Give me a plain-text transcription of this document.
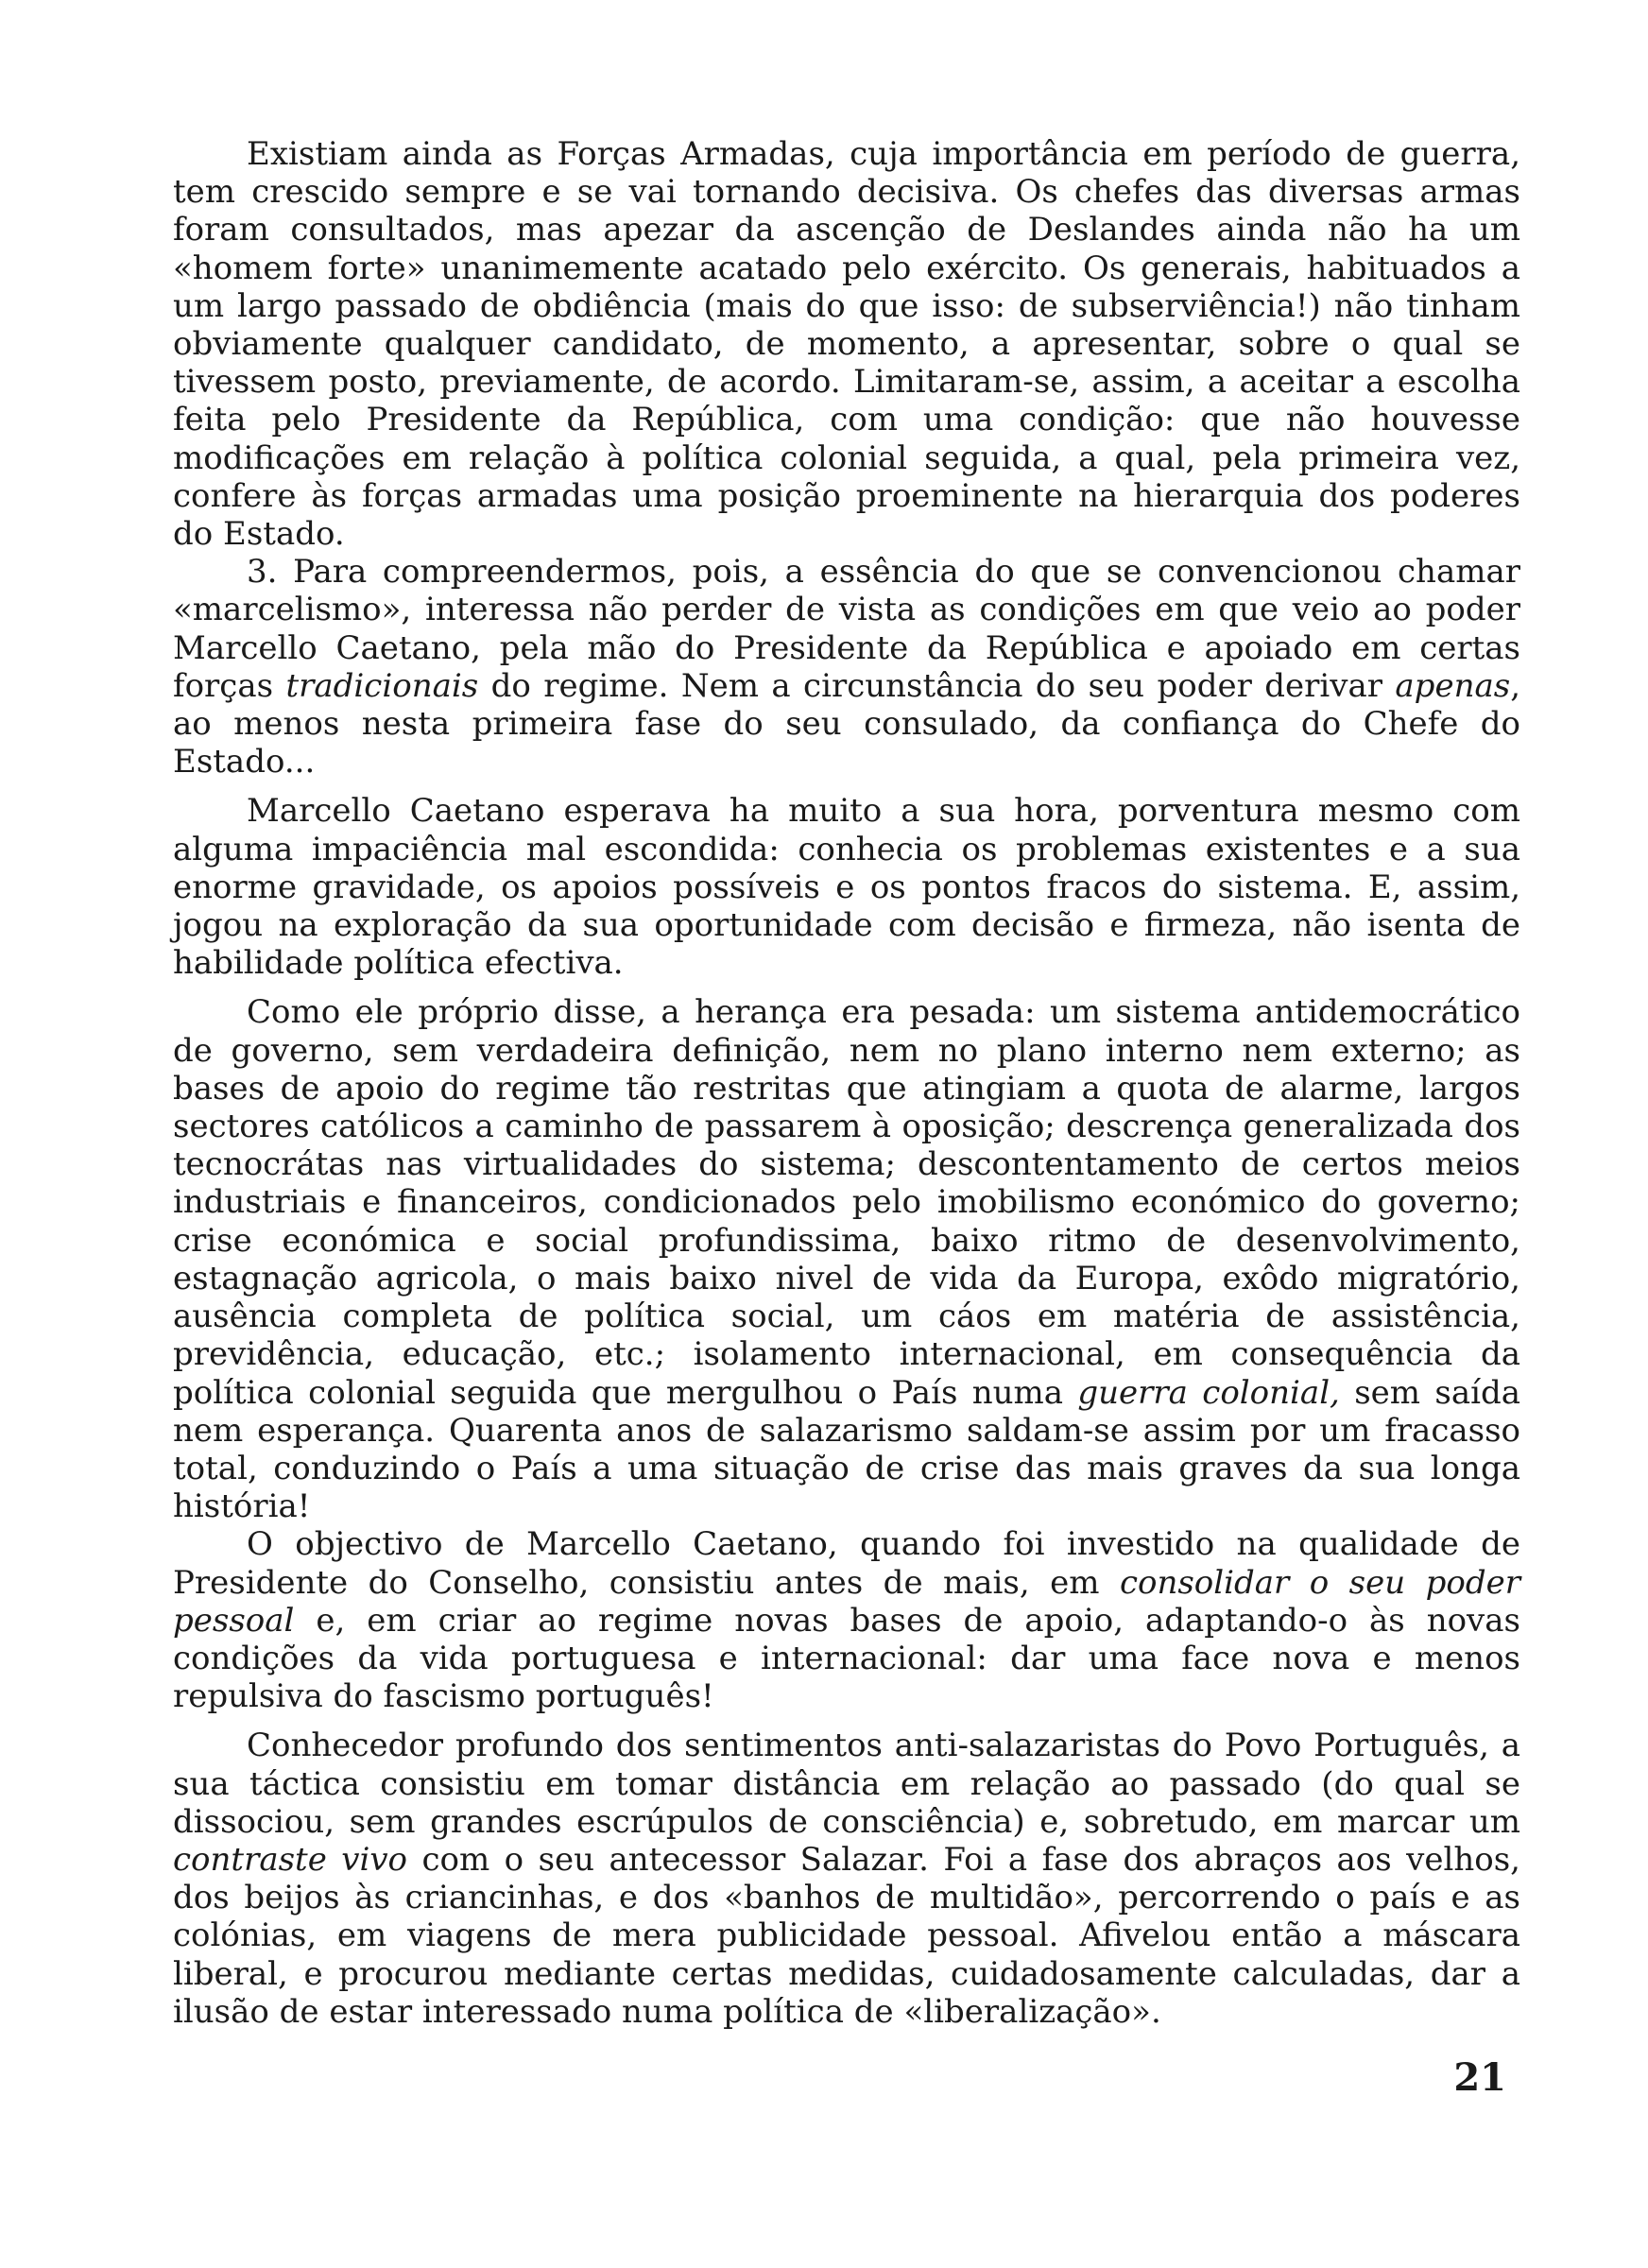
Existiam ainda as Forças Armadas, cuja importância em período de guerra, tem crescido sempre e se vai tornando decisiva. Os chefes das diversas armas foram consultados, mas apezar da ascenção de Deslandes ainda não ha um «homem forte» unanimemente acatado pelo exército. Os generais, habituados a um largo passado de obdiência (mais do que isso: de subserviência!) não tinham obviamente qualquer candidato, de momento, a apresentar, sobre o qual se tivessem posto, previamente, de acordo. Limitaram-se, assim, a aceitar a escolha feita pelo Presidente da República, com uma condição: que não houvesse modificações em relação à política colonial seguida, a qual, pela primeira vez, confere às forças armadas uma posição proeminente na hierarquia dos poderes do Estado.

3. Para compreendermos, pois, a essência do que se convencionou chamar «marcelismo», interessa não perder de vista as condições em que veio ao poder Marcello Caetano, pela mão do Presidente da República e apoiado em certas forças tradicionais do regime. Nem a circunstância do seu poder derivar apenas, ao menos nesta primeira fase do seu consulado, da confiança do Chefe do Estado...

Marcello Caetano esperava ha muito a sua hora, porventura mesmo com alguma impaciência mal escondida: conhecia os problemas existentes e a sua enorme gravidade, os apoios possíveis e os pontos fracos do sistema. E, assim, jogou na exploração da sua oportunidade com decisão e firmeza, não isenta de habilidade política efectiva.

Como ele próprio disse, a herança era pesada: um sistema antidemocrático de governo, sem verdadeira definição, nem no plano interno nem externo; as bases de apoio do regime tão restritas que atingiam a quota de alarme, largos sectores católicos a caminho de passarem à oposição; descrença generalizada dos tecnocrátas nas virtualidades do sistema; descontentamento de certos meios industriais e financeiros, condicionados pelo imobilismo económico do governo; crise económica e social profundissima, baixo ritmo de desenvolvimento, estagnação agricola, o mais baixo nivel de vida da Europa, exôdo migratório, ausência completa de política social, um cáos em matéria de assistência, previdência, educação, etc.; isolamento internacional, em consequência da política colonial seguida que mergulhou o País numa guerra colonial, sem saída nem esperança. Quarenta anos de salazarismo saldam-se assim por um fracasso total, conduzindo o País a uma situação de crise das mais graves da sua longa história!

O objectivo de Marcello Caetano, quando foi investido na qualidade de Presidente do Conselho, consistiu antes de mais, em consolidar o seu poder pessoal e, em criar ao regime novas bases de apoio, adaptando-o às novas condições da vida portuguesa e internacional: dar uma face nova e menos repulsiva do fascismo português!

Conhecedor profundo dos sentimentos anti-salazaristas do Povo Português, a sua táctica consistiu em tomar distância em relação ao passado (do qual se dissociou, sem grandes escrúpulos de consciência) e, sobretudo, em marcar um contraste vivo com o seu antecessor Salazar. Foi a fase dos abraços aos velhos, dos beijos às criancinhas, e dos «banhos de multidão», percorrendo o país e as colónias, em viagens de mera publicidade pessoal. Afivelou então a máscara liberal, e procurou mediante certas medidas, cuidadosamente calculadas, dar a ilusão de estar interessado numa política de «liberalização».

21
